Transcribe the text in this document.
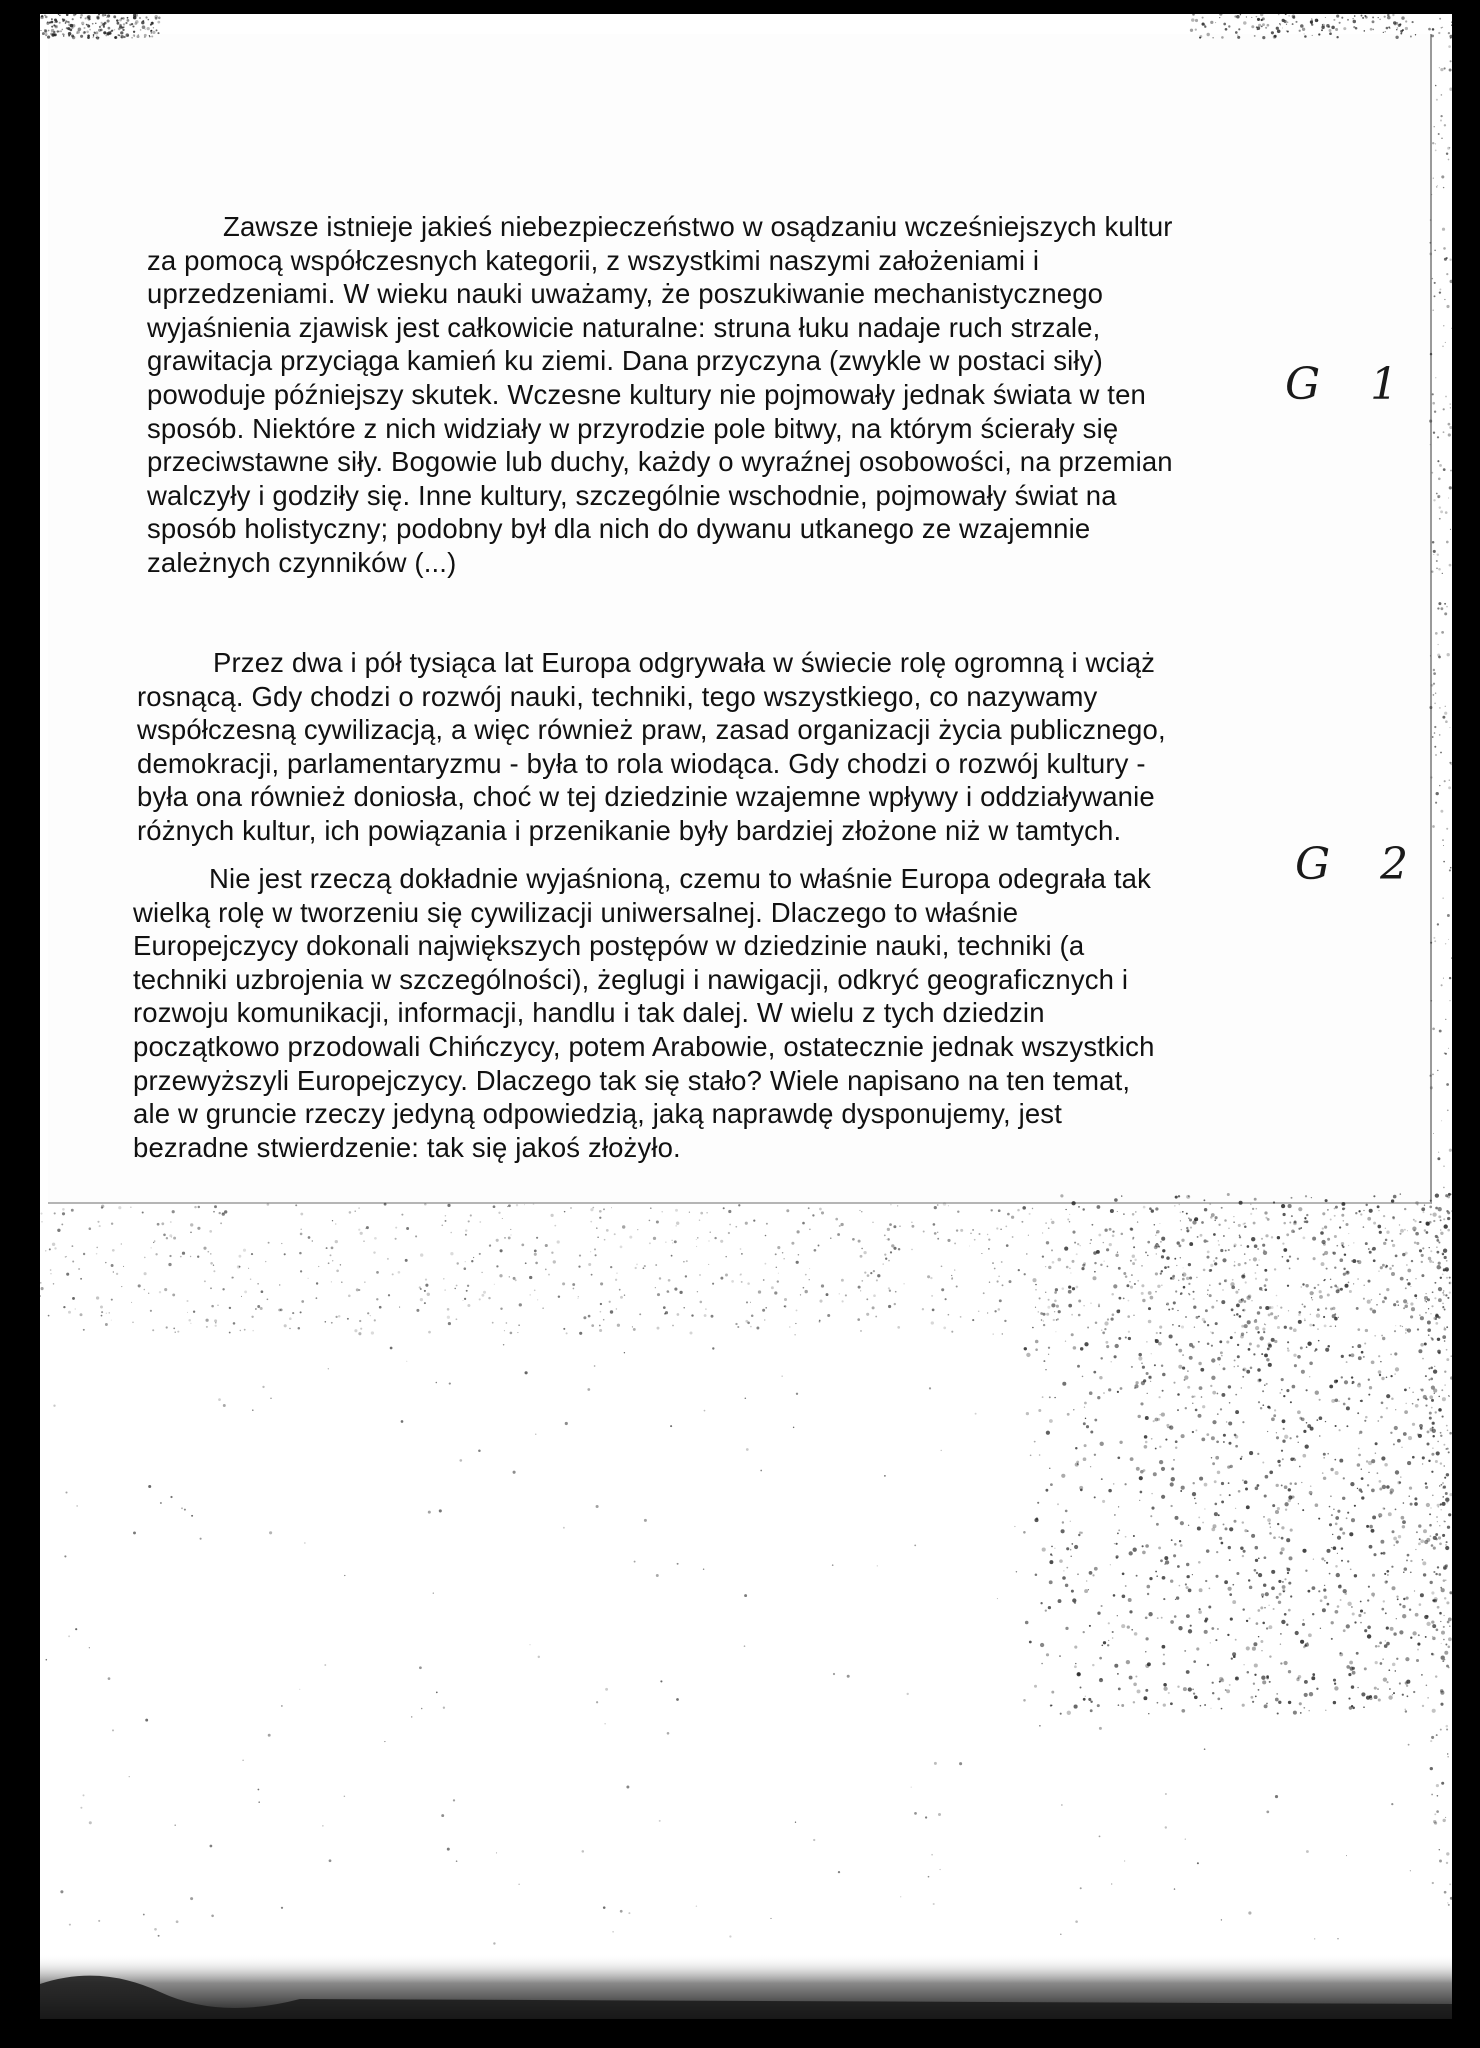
Zawsze istnieje jakieś niebezpieczeństwo w osądzaniu wcześniejszych kultur
za pomocą współczesnych kategorii, z wszystkimi naszymi założeniami i
uprzedzeniami. W wieku nauki uważamy, że poszukiwanie mechanistycznego
wyjaśnienia zjawisk jest całkowicie naturalne: struna łuku nadaje ruch strzale,
grawitacja przyciąga kamień ku ziemi. Dana przyczyna (zwykle w postaci siły)
powoduje późniejszy skutek. Wczesne kultury nie pojmowały jednak świata w ten
sposób. Niektóre z nich widziały w przyrodzie pole bitwy, na którym ścierały się
przeciwstawne siły. Bogowie lub duchy, każdy o wyraźnej osobowości, na przemian
walczyły i godziły się. Inne kultury, szczególnie wschodnie, pojmowały świat na
sposób holistyczny; podobny był dla nich do dywanu utkanego ze wzajemnie
zależnych czynników (...)
Przez dwa i pół tysiąca lat Europa odgrywała w świecie rolę ogromną i wciąż
rosnącą. Gdy chodzi o rozwój nauki, techniki, tego wszystkiego, co nazywamy
współczesną cywilizacją, a więc również praw, zasad organizacji życia publicznego,
demokracji, parlamentaryzmu - była to rola wiodąca. Gdy chodzi o rozwój kultury -
była ona również doniosła, choć w tej dziedzinie wzajemne wpływy i oddziaływanie
różnych kultur, ich powiązania i przenikanie były bardziej złożone niż w tamtych.
Nie jest rzeczą dokładnie wyjaśnioną, czemu to właśnie Europa odegrała tak
wielką rolę w tworzeniu się cywilizacji uniwersalnej. Dlaczego to właśnie
Europejczycy dokonali największych postępów w dziedzinie nauki, techniki (a
techniki uzbrojenia w szczególności), żeglugi i nawigacji, odkryć geograficznych i
rozwoju komunikacji, informacji, handlu i tak dalej. W wielu z tych dziedzin
początkowo przodowali Chińczycy, potem Arabowie, ostatecznie jednak wszystkich
przewyższyli Europejczycy. Dlaczego tak się stało? Wiele napisano na ten temat,
ale w gruncie rzeczy jedyną odpowiedzią, jaką naprawdę dysponujemy, jest
bezradne stwierdzenie: tak się jakoś złożyło.
G 1
G 2
